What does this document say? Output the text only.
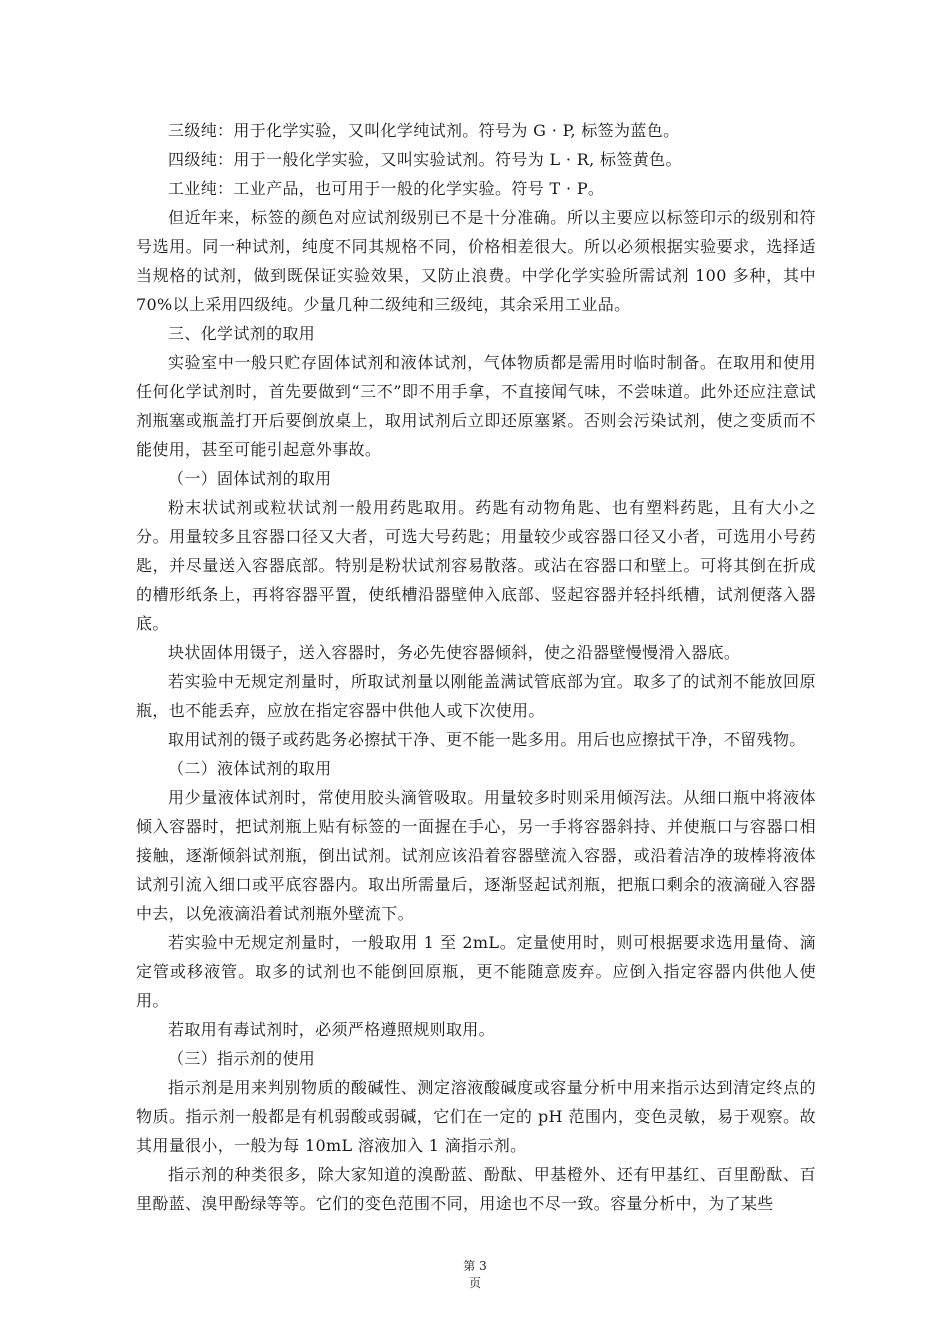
三级纯：用于化学实验，又叫化学纯试剂。符号为 G · P, 标签为蓝色。

四级纯：用于一般化学实验，又叫实验试剂。符号为 L · R, 标签黄色。

工业纯：工业产品，也可用于一般的化学实验。符号 T · P。

但近年来，标签的颜色对应试剂级别已不是十分准确。所以主要应以标签印示的级别和符号选用。同一种试剂，纯度不同其规格不同，价格相差很大。所以必须根据实验要求，选择适当规格的试剂，做到既保证实验效果，又防止浪费。中学化学实验所需试剂 100 多种，其中 70%以上采用四级纯。少量几种二级纯和三级纯，其余采用工业品。

三、化学试剂的取用

实验室中一般只贮存固体试剂和液体试剂，气体物质都是需用时临时制备。在取用和使用任何化学试剂时，首先要做到“三不”即不用手拿，不直接闻气味，不尝味道。此外还应注意试剂瓶塞或瓶盖打开后要倒放桌上，取用试剂后立即还原塞紧。否则会污染试剂，使之变质而不能使用，甚至可能引起意外事故。

（一）固体试剂的取用

粉末状试剂或粒状试剂一般用药匙取用。药匙有动物角匙、也有塑料药匙，且有大小之分。用量较多且容器口径又大者，可选大号药匙；用量较少或容器口径又小者，可选用小号药匙，并尽量送入容器底部。特别是粉状试剂容易散落。或沾在容器口和壁上。可将其倒在折成的槽形纸条上，再将容器平置，使纸槽沿器壁伸入底部、竖起容器并轻抖纸槽，试剂便落入器底。

块状固体用镊子，送入容器时，务必先使容器倾斜，使之沿器壁慢慢滑入器底。

若实验中无规定剂量时，所取试剂量以刚能盖满试管底部为宜。取多了的试剂不能放回原瓶，也不能丢弃，应放在指定容器中供他人或下次使用。

取用试剂的镊子或药匙务必擦拭干净、更不能一匙多用。用后也应擦拭干净，不留残物。

（二）液体试剂的取用

用少量液体试剂时，常使用胶头滴管吸取。用量较多时则采用倾泻法。从细口瓶中将液体倾入容器时，把试剂瓶上贴有标签的一面握在手心，另一手将容器斜持、并使瓶口与容器口相接触，逐渐倾斜试剂瓶，倒出试剂。试剂应该沿着容器壁流入容器，或沿着洁净的玻棒将液体试剂引流入细口或平底容器内。取出所需量后，逐渐竖起试剂瓶，把瓶口剩余的液滴碰入容器中去，以免液滴沿着试剂瓶外壁流下。

若实验中无规定剂量时，一般取用 1 至 2mL。定量使用时，则可根据要求选用量倚、滴定管或移液管。取多的试剂也不能倒回原瓶，更不能随意废弃。应倒入指定容器内供他人使用。

若取用有毒试剂时，必须严格遵照规则取用。

（三）指示剂的使用

指示剂是用来判别物质的酸碱性、测定溶液酸碱度或容量分析中用来指示达到清定终点的物质。指示剂一般都是有机弱酸或弱碱，它们在一定的 pH 范围内，变色灵敏，易于观察。故其用量很小，一般为每 10mL 溶液加入 1 滴指示剂。

指示剂的种类很多，除大家知道的溴酚蓝、酚酞、甲基橙外、还有甲基红、百里酚酞、百里酚蓝、溴甲酚绿等等。它们的变色范围不同，用途也不尽一致。容量分析中，为了某些

第 3
页
